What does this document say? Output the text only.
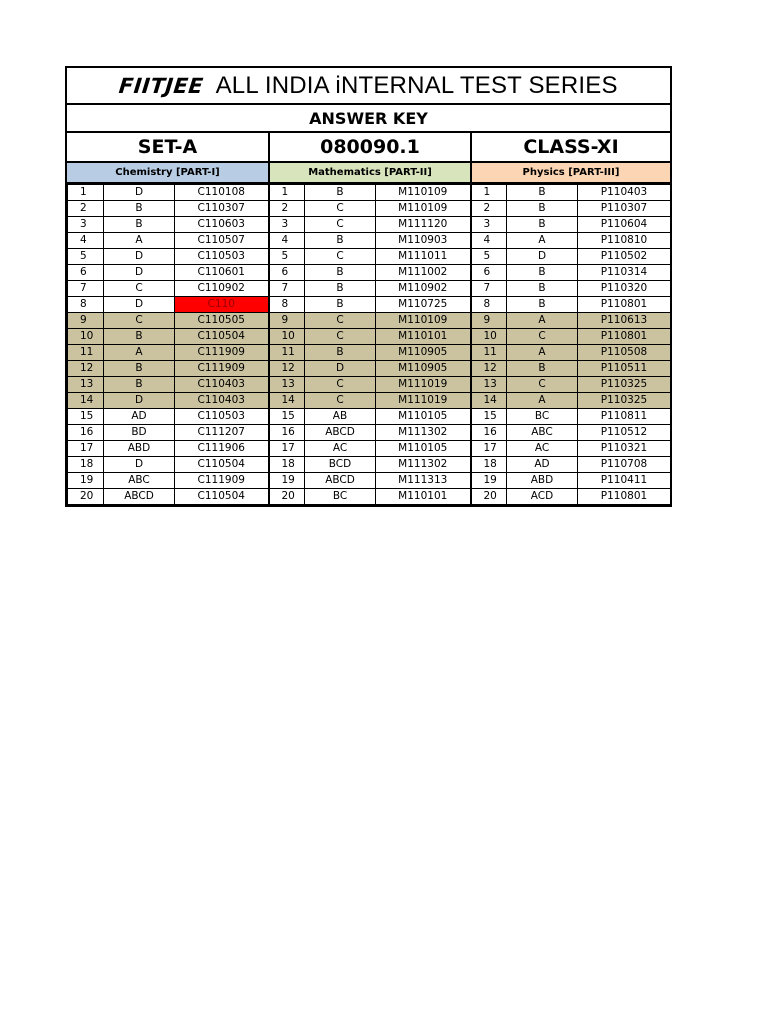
FIITJEE ALL INDIA iNTERNAL TEST SERIES
ANSWER KEY
SET-A	080090.1	CLASS-XI
Chemistry [PART-I]	Mathematics [PART-II]	Physics [PART-III]
1	D	C110108	1	B	M110109	1	B	P110403
2	B	C110307	2	C	M110109	2	B	P110307
3	B	C110603	3	C	M111120	3	B	P110604
4	A	C110507	4	B	M110903	4	A	P110810
5	D	C110503	5	C	M111011	5	D	P110502
6	D	C110601	6	B	M111002	6	B	P110314
7	C	C110902	7	B	M110902	7	B	P110320
8	D	C110	8	B	M110725	8	B	P110801
9	C	C110505	9	C	M110109	9	A	P110613
10	B	C110504	10	C	M110101	10	C	P110801
11	A	C111909	11	B	M110905	11	A	P110508
12	B	C111909	12	D	M110905	12	B	P110511
13	B	C110403	13	C	M111019	13	C	P110325
14	D	C110403	14	C	M111019	14	A	P110325
15	AD	C110503	15	AB	M110105	15	BC	P110811
16	BD	C111207	16	ABCD	M111302	16	ABC	P110512
17	ABD	C111906	17	AC	M110105	17	AC	P110321
18	D	C110504	18	BCD	M111302	18	AD	P110708
19	ABC	C111909	19	ABCD	M111313	19	ABD	P110411
20	ABCD	C110504	20	BC	M110101	20	ACD	P110801
